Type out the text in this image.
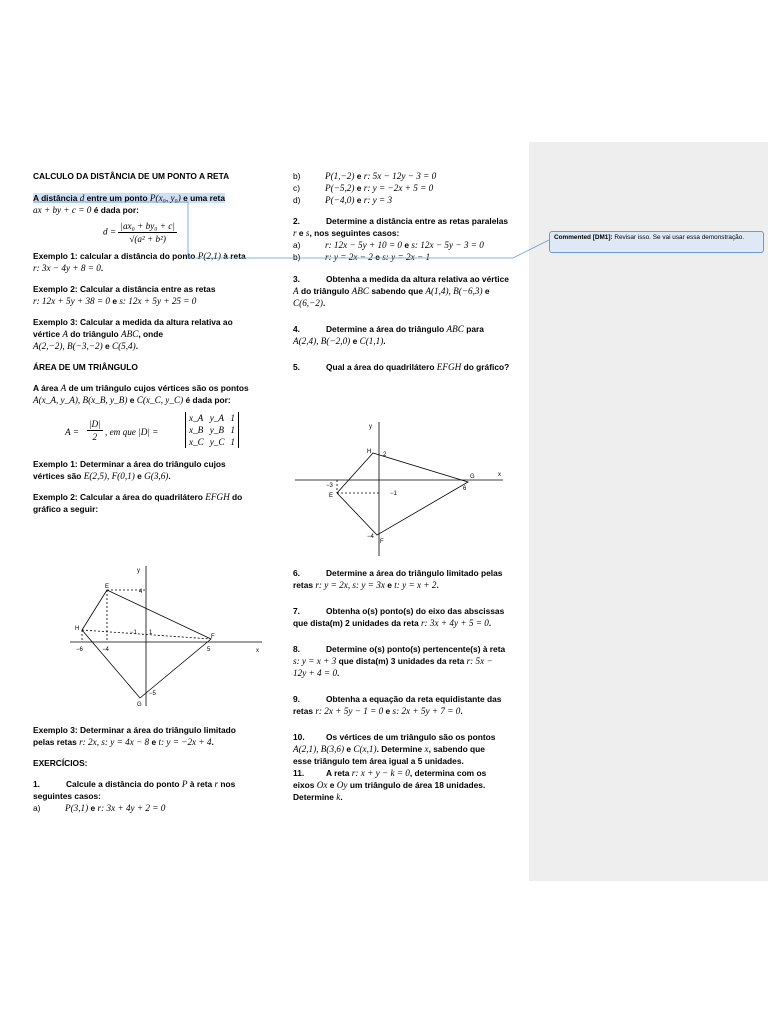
CALCULO DA DISTÂNCIA DE UM PONTO A RETA

A distância d entre um ponto P(x₀, y₀) e uma reta
ax + by + c = 0 é dada por:

$d = \frac{\text{|ax₀ + by₀ + c|}}{\text{√(a² + b²)}}$

Exemplo 1: calcular a distância do ponto P(2,1) à reta
r: 3x − 4y + 8 = 0.

Exemplo 2: Calcular a distância entre as retas
r: 12x + 5y + 38 = 0 e s: 12x + 5y + 25 = 0

Exemplo 3: Calcular a medida da altura relativa ao
vértice A do triângulo ABC, onde
A(2,−2), B(−3,−2) e C(5,4).

ÁREA DE UM TRIÂNGULO

A área A de um triângulo cujos vértices são os pontos
A(x_A, y_A), B(x_B, y_B) e C(x_C, y_C) é dada por:

$A = \frac{|D|}{2}$ , em que |D| =
x_A y_A 1
x_B y_B 1
x_C y_C 1

Exemplo 1: Determinar a área do triângulo cujos
vértices são E(2,5), F(0,1) e G(3,6).

Exemplo 2: Calcular a área do quadrilátero EFGH do
gráfico a seguir:

y
x
E
H
G
F
−6	−4
−1 1
4
5
−5

Exemplo 3: Determinar a área do triângulo limitado
pelas retas r: 2x, s: y = 4x − 8 e t: y = −2x + 4.

EXERCÍCIOS:

1.	Calcule a distância do ponto P à reta r nos
seguintes casos:

a)	P(3,1) e r: 3x + 4y + 2 = 0

b)	P(1,−2) e r: 5x − 12y − 3 = 0

c)	P(−5,2) e r: y = −2x + 5 = 0

d)	P(−4,0) e r: y = 3

2.	Determine a distância entre as retas paralelas
r e s, nos seguintes casos:

a)	r: 12x − 5y + 10 = 0 e s: 12x − 5y − 3 = 0

b)	r: y = 2x − 2 e s: y = 2x − 1

3.	Obtenha a medida da altura relativa ao vértice
A do triângulo ABC sabendo que A(1,4), B(−6,3) e
C(6,−2).

4.	Determine a área do triângulo ABC para
A(2,4), B(−2,0) e C(1,1).

5.	Qual a área do quadrilátero EFGH do gráfico?

y
x
H
E
F
G
2
−3
−1
6
−4

6.	Determine a área do triângulo limitado pelas
retas r: y = 2x, s: y = 3x e t: y = x + 2.

7.	Obtenha o(s) ponto(s) do eixo das abscissas
que dista(m) 2 unidades da reta r: 3x + 4y + 5 = 0.

8.	Determine o(s) ponto(s) pertencente(s) à reta
s: y = x + 3 que dista(m) 3 unidades da reta r: 5x −
12y + 4 = 0.

9.	Obtenha a equação da reta equidistante das
retas r: 2x + 5y − 1 = 0 e s: 2x + 5y + 7 = 0.

10.	Os vértices de um triângulo são os pontos
A(2,1), B(3,6) e C(x,1). Determine x, sabendo que
esse triângulo tem área igual a 5 unidades.

11.	A reta r: x + y − k = 0, determina com os
eixos Ox e Oy um triângulo de área 18 unidades.
Determine k.

Commented [DM1]: Revisar isso. Se vai usar essa demonstração.
